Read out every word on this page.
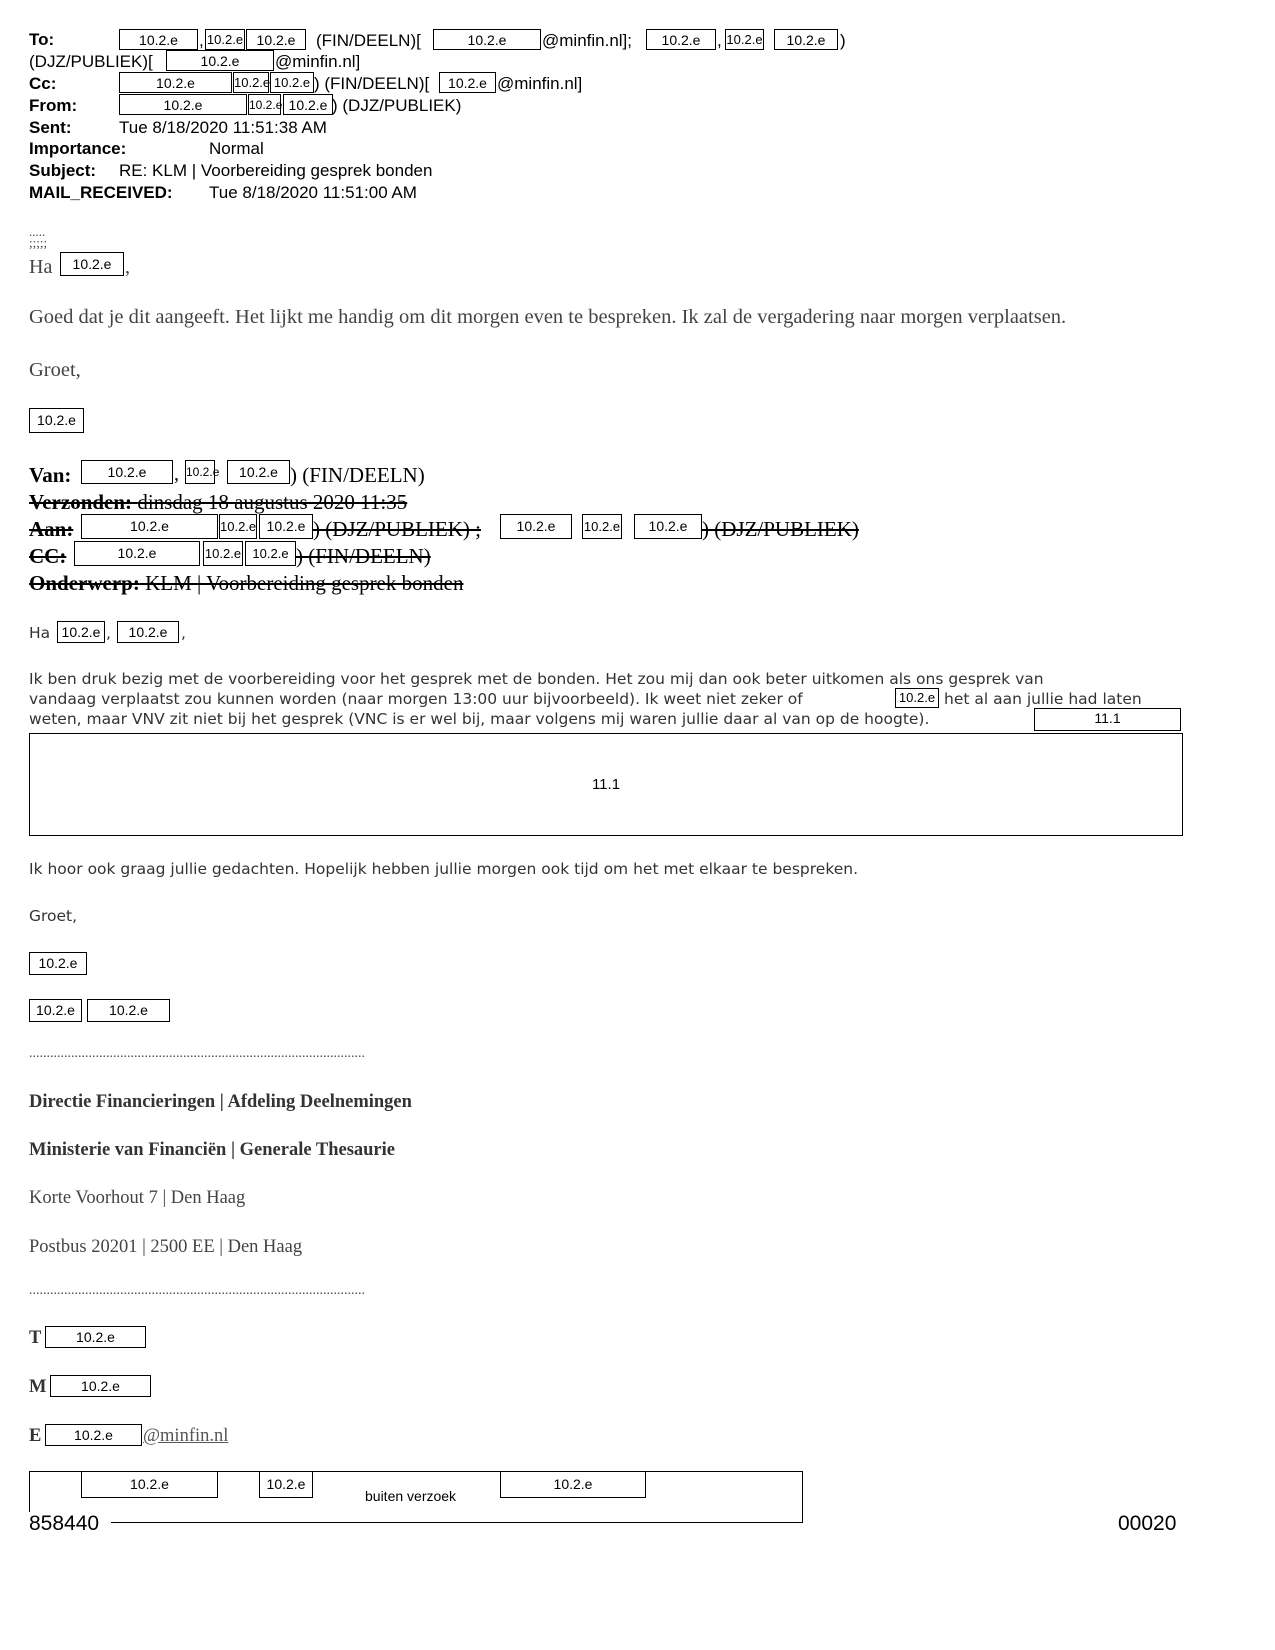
To:	10.2.e	, 10.2.e 10.2.e	(FIN/DEELN)[	10.2.e	@minfin.nl];	10.2.e , 10.2.e	10.2.e )
(DJZ/PUBLIEK)[	10.2.e	@minfin.nl]
Cc:	10.2.e	10.2.e 10.2.e ) (FIN/DEELN)[	10.2.e @minfin.nl]
From:	10.2.e	10.2.e 10.2.e ) (DJZ/PUBLIEK)
Sent:	Tue 8/18/2020 11:51:38 AM
Importance:	Normal
Subject: RE: KLM | Voorbereiding gesprek bonden
MAIL_RECEIVED: Tue 8/18/2020 11:51:00 AM
.....
;;;;;
Ha	10.2.e ,
Goed dat je dit aangeeft. Het lijkt me handig om dit morgen even te bespreken. Ik zal de vergadering naar morgen verplaatsen.
Groet,
10.2.e
Van:	10.2.e	, 10.2.e	10.2.e ) (FIN/DEELN)
Verzonden: dinsdag 18 augustus 2020 11:35
Aan:	10.2.e	10.2.e 10.2.e ) (DJZ/PUBLIEK) ;	10.2.e	10.2.e	10.2.e ) (DJZ/PUBLIEK)
CC:	10.2.e	10.2.e 10.2.e ) (FIN/DEELN)
Onderwerp: KLM | Voorbereiding gesprek bonden
Ha 10.2.e ,	10.2.e ,
Ik ben druk bezig met de voorbereiding voor het gesprek met de bonden. Het zou mij dan ook beter uitkomen als ons gesprek van
vandaag verplaatst zou kunnen worden (naar morgen 13:00 uur bijvoorbeeld). Ik weet niet zeker of	10.2.e het al aan jullie had laten
weten, maar VNV zit niet bij het gesprek (VNC is er wel bij, maar volgens mij waren jullie daar al van op de hoogte).	11.1
11.1
Ik hoor ook graag jullie gedachten. Hopelijk hebben jullie morgen ook tijd om het met elkaar te bespreken.
Groet,
10.2.e
10.2.e	10.2.e
................................................................................................
Directie Financieringen | Afdeling Deelnemingen
Ministerie van Financiën | Generale Thesaurie
Korte Voorhout 7 | Den Haag
Postbus 20201 | 2500 EE | Den Haag
................................................................................................
T	10.2.e
M	10.2.e
E	10.2.e	@minfin.nl
10.2.e	10.2.e
buiten verzoek
10.2.e
858440	00020
